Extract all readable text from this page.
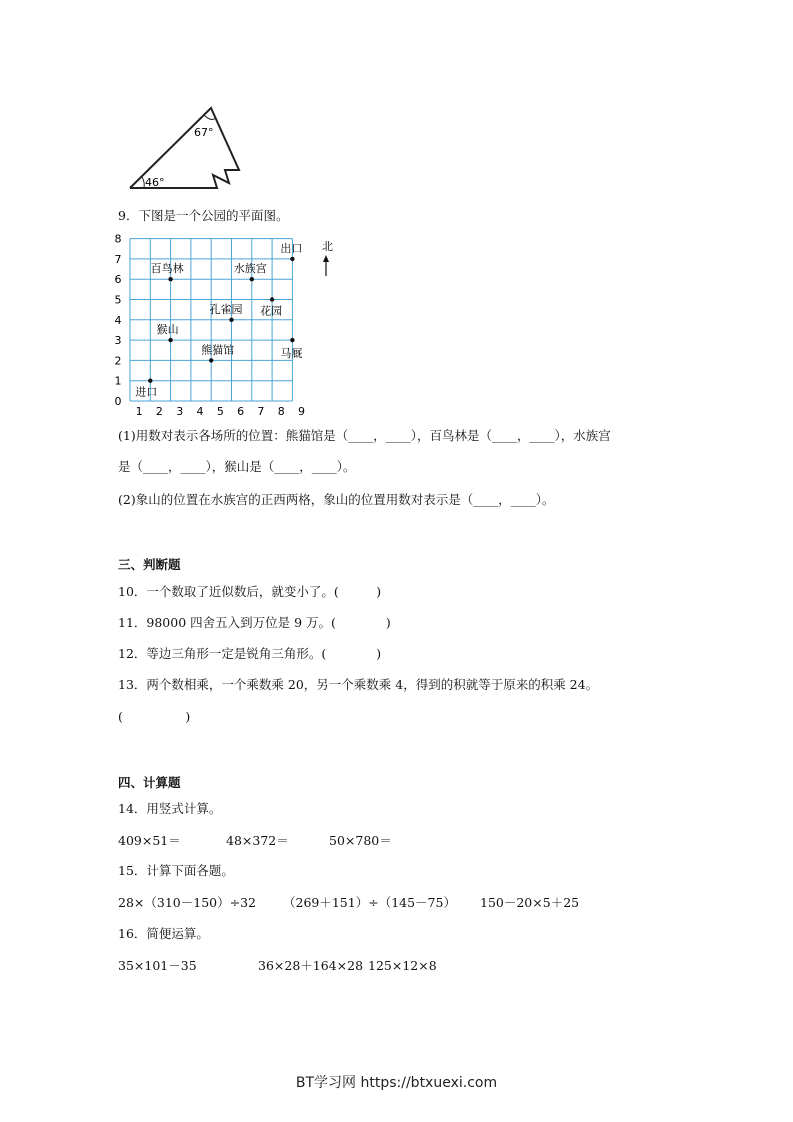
67°
46°
9．下图是一个公园的平面图。
0
1
2
3
4
5
6
7
8
1 2 3 4 5 6 7 8 9
出口
百鸟林	水族宫
花园
孔雀园
猴山
马厩
熊猫馆
进口
北
(1)用数对表示各场所的位置：熊猫馆是（____，____），百鸟林是（____，____），水族宫
是（____，____），猴山是（____，____）。
(2)象山的位置在水族宫的正西两格，象山的位置用数对表示是（____，____）。
三、判断题
10．一个数取了近似数后，就变小了。(　　　)
11．98000 四舍五入到万位是 9 万。(　　　　)
12．等边三角形一定是锐角三角形。(　　　　)
13．两个数相乘，一个乘数乘 20，另一个乘数乘 4，得到的积就等于原来的积乘 24。
(　　　　　)
四、计算题
14．用竖式计算。
409×51＝	48×372＝	50×780＝
15．计算下面各题。
28×（310－150）÷32 （269＋151）÷（145－75） 150－20×5＋25
16．简便运算。
35×101－35	36×28＋164×28 125×12×8
BT学习网 https://btxuexi.com
